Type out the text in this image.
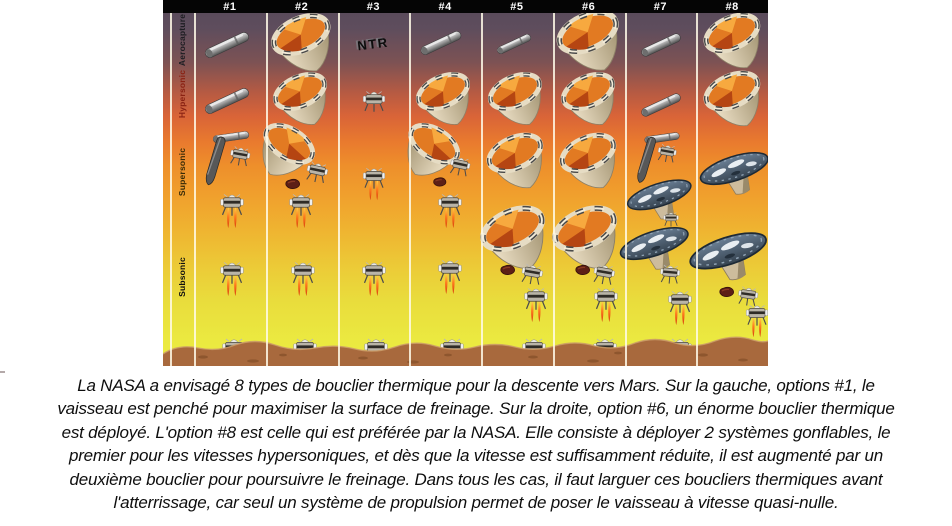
#1	#2	#3	#4	#5	#6	#7	#8
Aerocapture
Hypersonic
Supersonic
Subsonic
NTR
La NASA a envisagé 8 types de bouclier thermique pour la descente vers Mars. Sur la gauche, options #1, le
vaisseau est penché pour maximiser la surface de freinage. Sur la droite, option #6, un énorme bouclier thermique
est déployé. L'option #8 est celle qui est préférée par la NASA. Elle consiste à déployer 2 systèmes gonflables, le
premier pour les vitesses hypersoniques, et dès que la vitesse est suffisamment réduite, il est augmenté par un
deuxième bouclier pour poursuivre le freinage. Dans tous les cas, il faut larguer ces boucliers thermiques avant
l'atterrissage, car seul un système de propulsion permet de poser le vaisseau à vitesse quasi-nulle.
